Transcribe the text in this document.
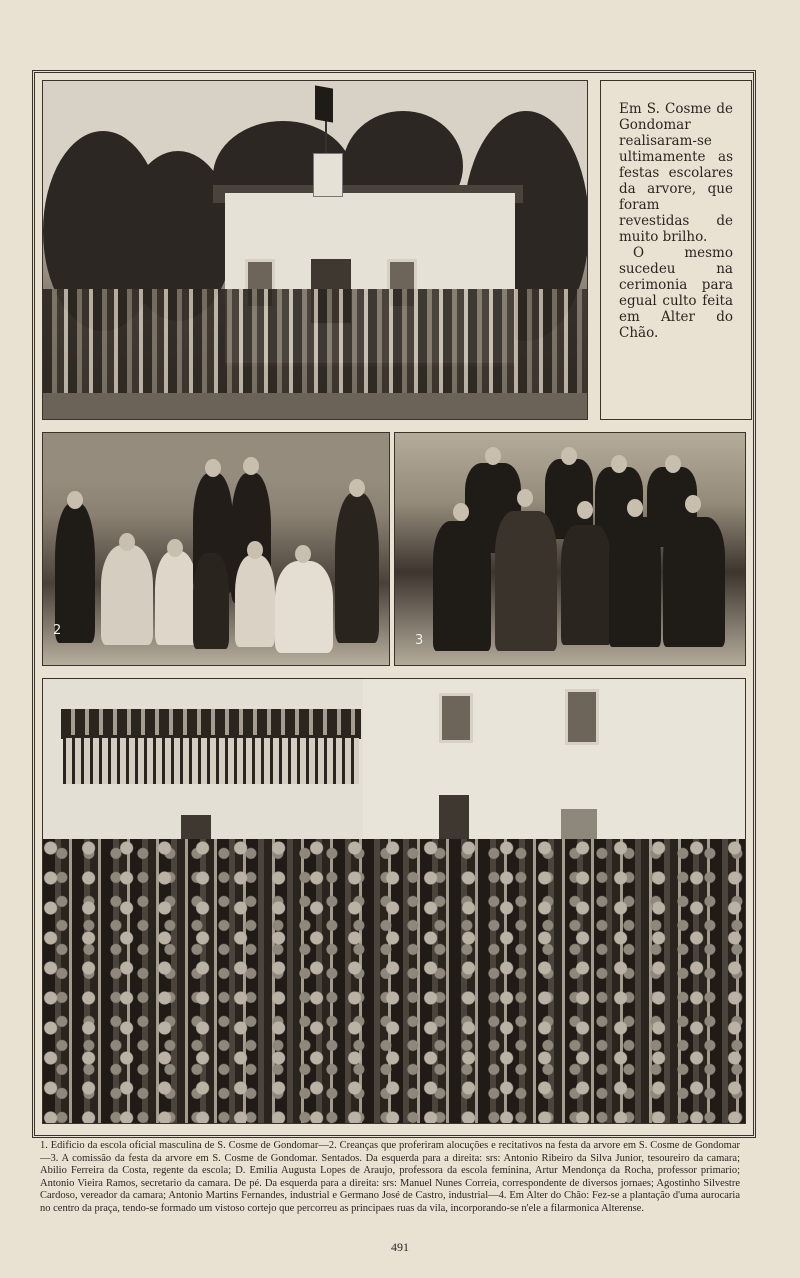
Em S. Cosme de Gondomar realisaram-se ultimamente as festas escolares da arvore, que foram revestidas de muito brilho.

O mesmo sucedeu na cerimonia para egual culto feita em Alter do Chão.

2
3
1. Edificio da escola oficial masculina de S. Cosme de Gondomar—2. Creanças que proferiram alocuções e recitativos na festa da arvore em S. Cosme de Gondomar—3. A comissão da festa da arvore em S. Cosme de Gondomar. Sentados. Da esquerda para a direita: srs: Antonio Ribeiro da Silva Junior, tesoureiro da camara; Abilio Ferreira da Costa, regente da escola; D. Emilia Augusta Lopes de Araujo, professora da escola feminina, Artur Mendonça da Rocha, professor primario; Antonio Vieira Ramos, secretario da camara. De pé. Da esquerda para a direita: srs: Manuel Nunes Correia, correspondente de diversos jornaes; Agostinho Silvestre Cardoso, vereador da camara; Antonio Martins Fernandes, industrial e Germano José de Castro, industrial—4. Em Alter do Chão: Fez-se a plantação d'uma aurocaria no centro da praça, tendo-se formado um vistoso cortejo que percorreu as principaes ruas da vila, incorporando-se n'ele a filarmonica Alterense.
491
